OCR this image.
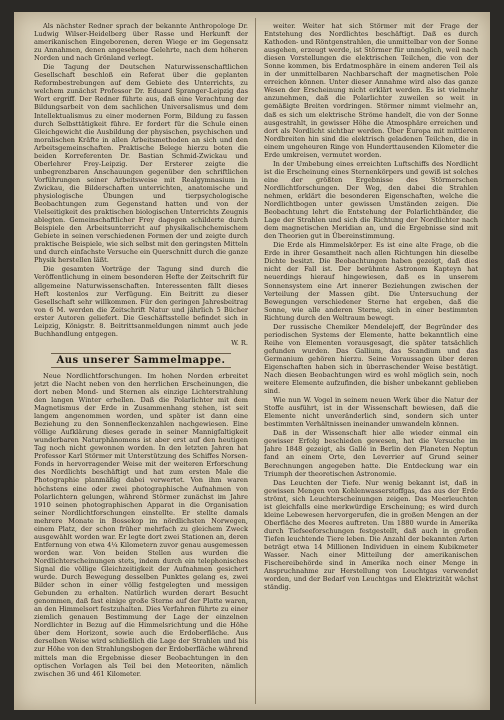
Als nächster Redner sprach der bekannte Anthropologe Dr. Ludwig Wilser-Heidelberg über Rasse und Herkunft der amerikanischen Eingeborenen, deren Wiege er im Gegensatz zu Annahmen, denen angesehene Gelehrte, nach dem höheren Norden und nach Grönland verlegt.

Die Tagung der Deutschen Naturwissenschaftlichen Gesellschaft beschloß ein Referat über die geplanten Reformbestrebungen auf dem Gebiete des Unterrichts, zu welchem zunächst Professor Dr. Eduard Spranger-Leipzig das Wort ergriff. Der Redner führte aus, daß eine Verachtung der Bildungsarbeit von dem sachlichen Universalismus und dem Intellektualismus zu einer modernen Form, Bildung zu fassen durch Selbsttätigkeit führe. Er fordert für die Schule einen Gleichgewicht die Ausbildung der physischen, psychischen und moralischen Kräfte in allen Arbeitsmethoden an sich und den Arbeitsgemeinschaften. Praktische Belege hierzu boten die beiden Korreferenten Dr. Bastian Schmid-Zwickau und Oberlehrer Frey-Leipzig. Der Ersterer zeigte die unbegrenzbaren Anschauungen gegenüber den schriftlichen Vorführungen seiner Arbeitsweise mit Realgymnasium in Zwickau, die Bilderschaften unterrichten, anatomische und physiologische Übungen und tierpsychologische Beobachtungen zum Gegenstand hatten und von der Vielseitigkeit des praktischen biologischen Unterrichts Zeugnis ablegten. Gemeinschaftlicher Frey dagegen schilderte durch Beispiele den Arbeitsunterricht auf physikalischchemischem Gebiete in seinen verschiedenen Formen der und zeigte durch praktische Beispiele, wie sich selbst mit den geringsten Mitteln und durch einfachste Versuche ein Querschnitt durch die ganze Physik herstellen läßt.

Die gesamten Vorträge der Tagung sind durch die Veröffentlichung in einem besonderen Hefte der Zeitschrift für allgemeine Naturwissenschaften. Interessenten fällt dieses Heft kostenlos zur Verfügung. Ein Beitritt zu dieser Gesellschaft sehr willkommen. Für den geringen Jahresbeitrag von 6 M. werden die Zeitschrift Natur und jährlich 5 Bücher erster Autoren geliefert. Die Geschäftsstelle befindet sich in Leipzig, Königstr. 8. Beitrittsanmeldungen nimmt auch jede Buchhandlung entgegen.

W. R.
Aus unserer Sammelmappe.

Neue Nordlichtforschungen. Im hohen Norden erbreitet jetzt die Nacht neben von den herrlichen Erscheinungen, die dort neben Mond- und Sternen als einzige Lichterstrahlung den langen Winter erhellen. Daß die Polarlichter mit dem Magnetismus der Erde in Zusammenhang stehen, ist seit langem angenommen worden, und später ist dann eine Beziehung zu den Sonnenfleckenzahlen nachgewiesen. Eine völlige Aufklärung dieses gerade in seiner Mannigfaltigkeit wunderbaren Naturphänomens ist aber erst auf den heutigen Tag noch nicht gewonnen worden. In den letzten Jahren hat Professor Karl Störmer mit Unterstützung des Schiffes Norsen-Fonds in hervorragender Weise mit der weiteren Erforschung des Nordlichts beschäftigt und hat zum ersten Male die Photographie planmäßig dabei verwertet. Von ihm waren höchstens eine oder zwei photographische Aufnahmen von Polarlichtern gelungen, während Störmer zunächst im Jahre 1910 seinen photographischen Apparat in die Organisation seiner Nordlichtforschungen einstellte. Er stellte damals mehrere Monate in Bossekop im nördlichsten Norwegen, einem Platz, der schon früher mehrfach zu gleichem Zweck ausgewählt worden war. Er legte dort zwei Stationen an, deren Entfernung von etwa 4¼ Kilometern zuvor genau ausgemessen worden war. Von beiden Stellen aus wurden die Nordlichterscheinungen stets, indem durch ein telephonisches Signal die völlige Gleichzeitigkeit der Aufnahmen gesichert wurde. Durch Bewegung desselben Punktes gelang es, zwei Bilder schon in einer völlig festgelegten und messigen Gebunden zu erhalten. Natürlich wurden derart Besucht genommen, daß fast einige große Sterne auf der Platte waren, an den Himmelsort festzuhalten. Dies Verfahren führte zu einer ziemlich genauen Bestimmung der Lage der einzelnen Nordlichter in Bezug auf die Himmelsrichtung und die Höhe über dem Horizont, sowie auch die Erdoberfläche. Aus derselben Weise wird schließlich die Lage der Strahlen und bis zur Höhe von den Strahlungsbogen der Erdoberfläche während mittels man die Ergebnisse dieser Beobachtungen in den optischen Vorlagen als Teil bei den Meteoriten, nämlich zwischen 36 und 461 Kilometer.

weiter. Weiter hat sich Störmer mit der Frage der Entstehung des Nordlichtes beschäftigt. Daß es durch Kathoden- und Röntgenstrahlen, die unmittelbar von der Sonne ausgehen, erzeugt werde, ist Störmer für unmöglich, weil nach diesen Vorstellungen die elektrischen Teilchen, die von der Sonne kommen, bis Erdatmosphäre in einem anderen Teil als in der unmittelbaren Nachbarschaft der magnetischen Pole erreichen können. Unter dieser Annahme wird also das ganze Wesen der Erscheinung nicht erklärt werden. Es ist vielmehr anzunehmen, daß die Polarlichter zuweilen so weit in gemäßigte Breiten vordringen. Störmer nimmt vielmehr an, daß es sich um elektrische Ströme handelt, die von der Sonne ausgestrahlt, in gewisser Höhe die Atmosphäre erreichen und dort als Nordlicht sichtbar werden. Über Europa mit mittleren Nordbreiten hin sind die elektrisch geladenen Teilchen, die in einem ungeheuren Ringe von Hunderttausenden Kilometer die Erde umkreisen, vermutet worden.

In der Umbebung eines erreichten Luftschiffs des Nordlicht ist die Erscheinung eines Sternenkörpers und gewiß ist solches eine der größten Ergebnisse des Störmerschen Nordlichtforschungen. Der Weg, den dabei die Strahlen nehmen, erklärt die besonderen Eigenschaften, welche die Nordlichtbogen unter gewissen Umständen zeigen. Die Beobachtung lehrt die Entstehung der Polarlichtbänder, die Lage der Strahlen und sich die Richtung der Nordlichter nach dem magnetischen Meridian an, und die Ergebnisse sind mit den Theorien gut in Übereinstimmung.

Die Erde als Himmelskörper. Es ist eine alte Frage, ob die Erde in ihrer Gesamtheit nach allen Richtungen hin dieselbe Dichte besitzt. Die Beobachtungen haben gezeigt, daß dies nicht der Fall ist. Der berühmte Astronom Kapteyn hat neuerdings hierauf hingewiesen, daß es in unserem Sonnensystem eine Art innerer Beziehungen zwischen der Verteilung der Massen gibt. Die Untersuchung der Bewegungen verschiedener Sterne hat ergeben, daß die Sonne, wie alle anderen Sterne, sich in einer bestimmten Richtung durch den Weltraum bewegt.

Der russische Chemiker Mendelejeff, der Begründer des periodischen Systems der Elemente, hatte bekanntlich eine Reihe von Elementen vorausgesagt, die später tatsächlich gefunden wurden. Das Gallium, das Scandium und das Germanium gehören hierzu. Seine Voraussagen über deren Eigenschaften haben sich in überraschender Weise bestätigt. Nach diesen Beobachtungen wird es wohl möglich sein, noch weitere Elemente aufzufinden, die bisher unbekannt geblieben sind.

Wie nun W. Vogel in seinem neuen Werk über die Natur der Stoffe ausführt, ist in der Wissenschaft bewiesen, daß die Elemente nicht unveränderlich sind, sondern sich unter bestimmten Verhältnissen ineinander umwandeln können.

Daß in der Wissenschaft hier alle wieder einmal ein gewisser Erfolg beschieden gewesen, hat die Versuche im Jahre 1848 gezeigt, als Gallé in Berlin den Planeten Neptun fand an einem Orte, den Leverrier auf Grund seiner Berechnungen angegeben hatte. Die Entdeckung war ein Triumph der theoretischen Astronomie.

Das Leuchten der Tiefe. Nur wenig bekannt ist, daß in gewissen Mengen von Kohlenwasserstoffgas, das aus der Erde strömt, sich Leuchterscheinungen zeigen. Das Meerleuchten ist gleichfalls eine merkwürdige Erscheinung; es wird durch kleine Lebewesen hervorgerufen, die in großen Mengen an der Oberfläche des Meeres auftreten. Um 1880 wurde in Amerika durch Tiefseeforschungen festgestellt, daß auch in großen Tiefen leuchtende Tiere leben. Die Anzahl der bekannten Arten beträgt etwa 14 Millionen Individuen in einem Kubikmeter Wasser. Nach einer Mitteilung der amerikanischen Fischereibehörde sind in Amerika noch einer Menge in Anspruchnahme zur Herstellung von Leuchtgas verwendet worden, und der Bedarf von Leuchtgas und Elektrizität wächst ständig.
